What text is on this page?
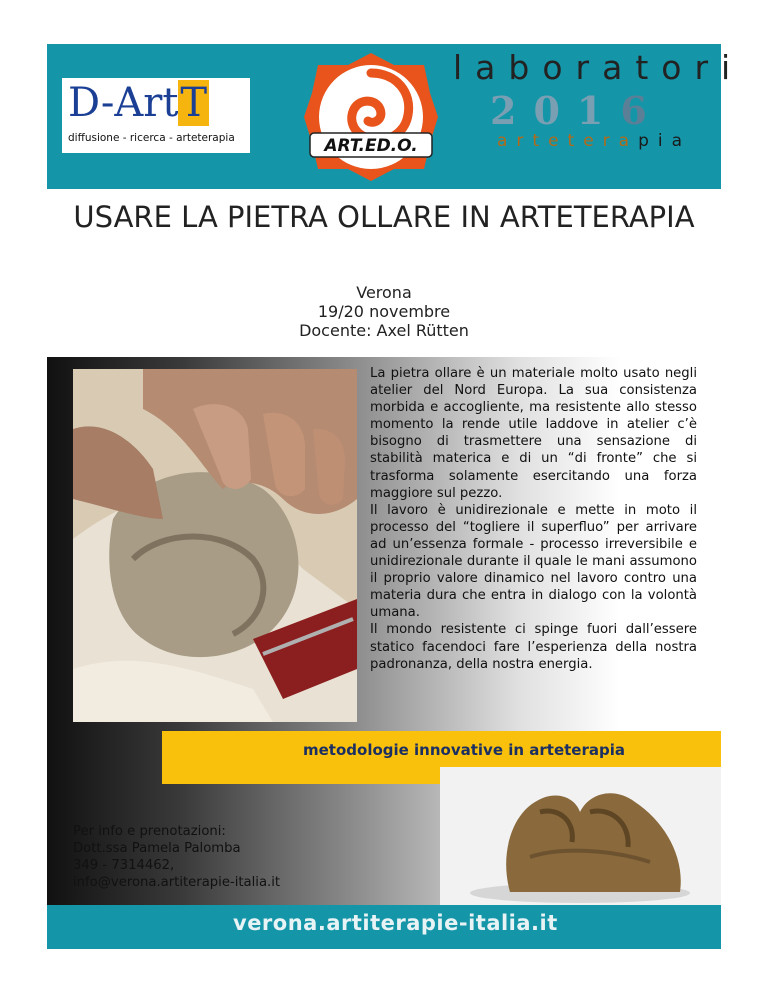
D-ArtT
diffusione - ricerca - arteterapia	ART.ED.O.
laboratori
2016
arteterapia
USARE LA PIETRA OLLARE IN ARTETERAPIA
Verona
19/20 novembre
Docente: Axel Rütten

La pietra ollare è un materiale molto usato negli atelier del Nord Europa. La sua consistenza morbida e accogliente, ma resistente allo stesso momento la rende utile laddove in atelier c’è bisogno di trasmettere una sensazione di stabilità materica e di un “di fronte” che si trasforma solamente esercitando una forza maggiore sul pezzo.

Il lavoro è unidirezionale e mette in moto il processo del “togliere il superfluo” per arrivare ad un’essenza formale - processo irreversibile e unidirezionale durante il quale le mani assumono il proprio valore dinamico nel lavoro contro una materia dura che entra in dialogo con la volontà umana.

Il mondo resistente ci spinge fuori dall’essere statico facendoci fare l’esperienza della nostra padronanza, della nostra energia.

metodologie innovative in arteterapia
Per info e prenotazioni:
Dott.ssa Pamela Palomba
349 - 7314462,
info@verona.artiterapie-italia.it
verona.artiterapie-italia.it
